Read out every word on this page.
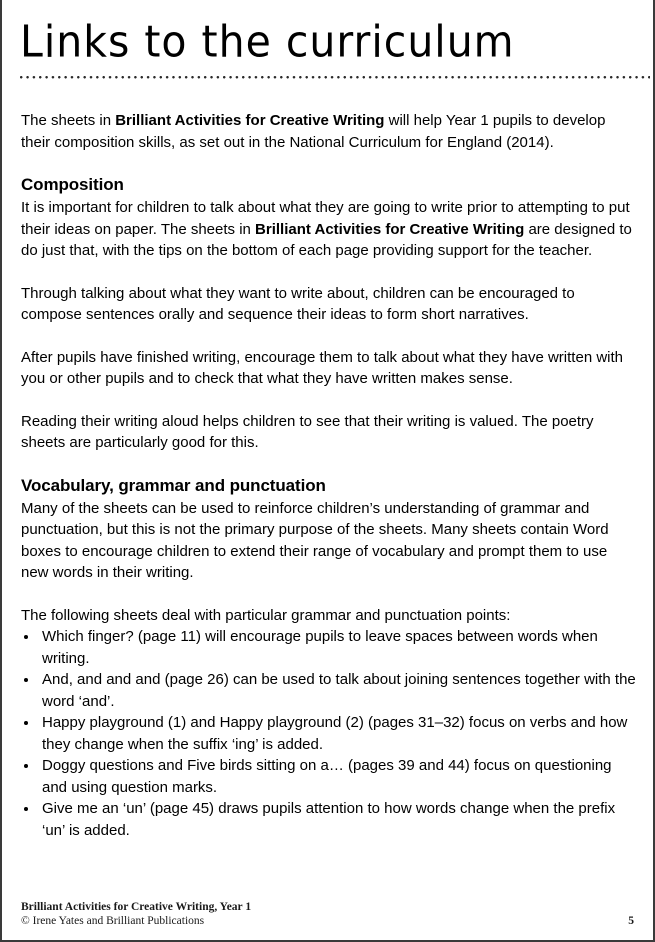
Links to the curriculum

The sheets in Brilliant Activities for Creative Writing will help Year 1 pupils to develop their composition skills, as set out in the National Curriculum for England (2014).

Composition

It is important for children to talk about what they are going to write prior to attempting to put their ideas on paper. The sheets in Brilliant Activities for Creative Writing are designed to do just that, with the tips on the bottom of each page providing support for the teacher.

Through talking about what they want to write about, children can be encouraged to compose sentences orally and sequence their ideas to form short narratives.

After pupils have finished writing, encourage them to talk about what they have written with you or other pupils and to check that what they have written makes sense.

Reading their writing aloud helps children to see that their writing is valued. The poetry sheets are particularly good for this.

Vocabulary, grammar and punctuation

Many of the sheets can be used to reinforce children’s understanding of grammar and punctuation, but this is not the primary purpose of the sheets. Many sheets contain Word boxes to encourage children to extend their range of vocabulary and prompt them to use new words in their writing.

The following sheets deal with particular grammar and punctuation points:

Which finger? (page 11) will encourage pupils to leave spaces between words when writing.
And, and and and (page 26) can be used to talk about joining sentences together with the word ‘and’.
Happy playground (1) and Happy playground (2) (pages 31–32) focus on verbs and how they change when the suffix ‘ing’ is added.
Doggy questions and Five birds sitting on a… (pages 39 and 44) focus on questioning and using question marks.
Give me an ‘un’ (page 45) draws pupils attention to how words change when the prefix ‘un’ is added.
Brilliant Activities for Creative Writing, Year 1
© Irene Yates and Brilliant Publications	5
